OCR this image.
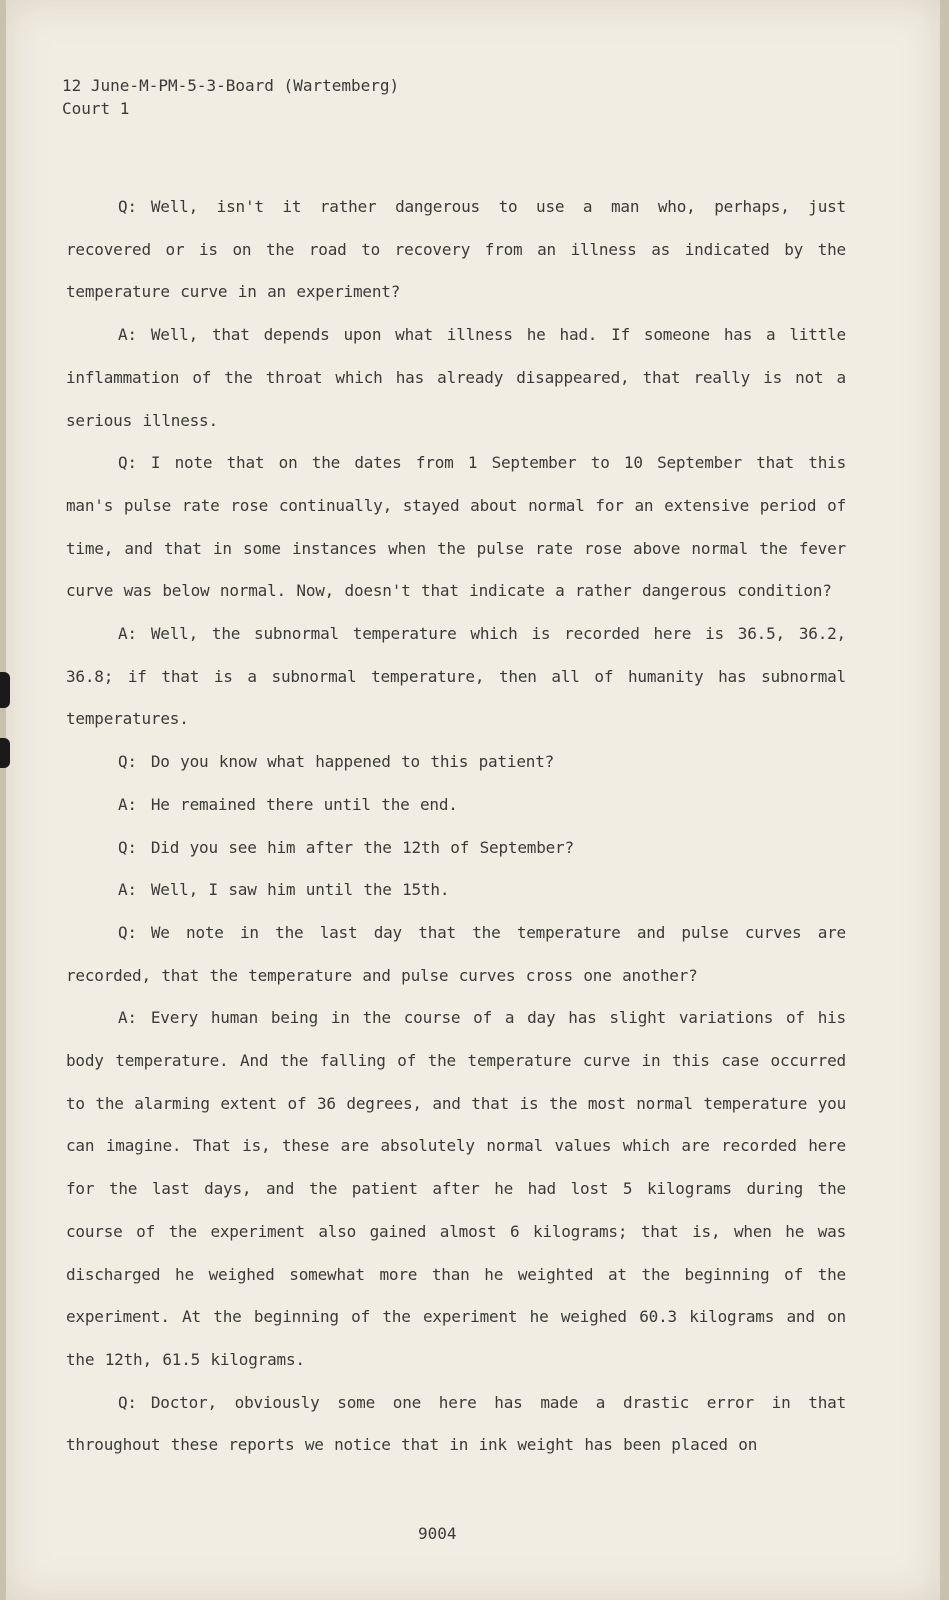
12 June-M-PM-5-3-Board (Wartemberg)
Court 1

Q: Well, isn't it rather dangerous to use a man who, perhaps, just recovered or is on the road to recovery from an illness as indicated by the temperature curve in an experiment?

A: Well, that depends upon what illness he had. If someone has a little inflammation of the throat which has already disappeared, that really is not a serious illness.

Q: I note that on the dates from 1 September to 10 September that this man's pulse rate rose continually, stayed about normal for an extensive period of time, and that in some instances when the pulse rate rose above normal the fever curve was below normal. Now, doesn't that indicate a rather dangerous condition?

A: Well, the subnormal temperature which is recorded here is 36.5, 36.2, 36.8; if that is a subnormal temperature, then all of humanity has subnormal temperatures.

Q: Do you know what happened to this patient?

A: He remained there until the end.

Q: Did you see him after the 12th of September?

A: Well, I saw him until the 15th.

Q: We note in the last day that the temperature and pulse curves are recorded, that the temperature and pulse curves cross one another?

A: Every human being in the course of a day has slight variations of his body temperature. And the falling of the temperature curve in this case occurred to the alarming extent of 36 degrees, and that is the most normal temperature you can imagine. That is, these are absolutely normal values which are recorded here for the last days, and the patient after he had lost 5 kilograms during the course of the experiment also gained almost 6 kilograms; that is, when he was discharged he weighed somewhat more than he weighted at the beginning of the experiment. At the beginning of the experiment he weighed 60.3 kilograms and on the 12th, 61.5 kilograms.

Q: Doctor, obviously some one here has made a drastic error in that throughout these reports we notice that in ink weight has been placed on

9004
